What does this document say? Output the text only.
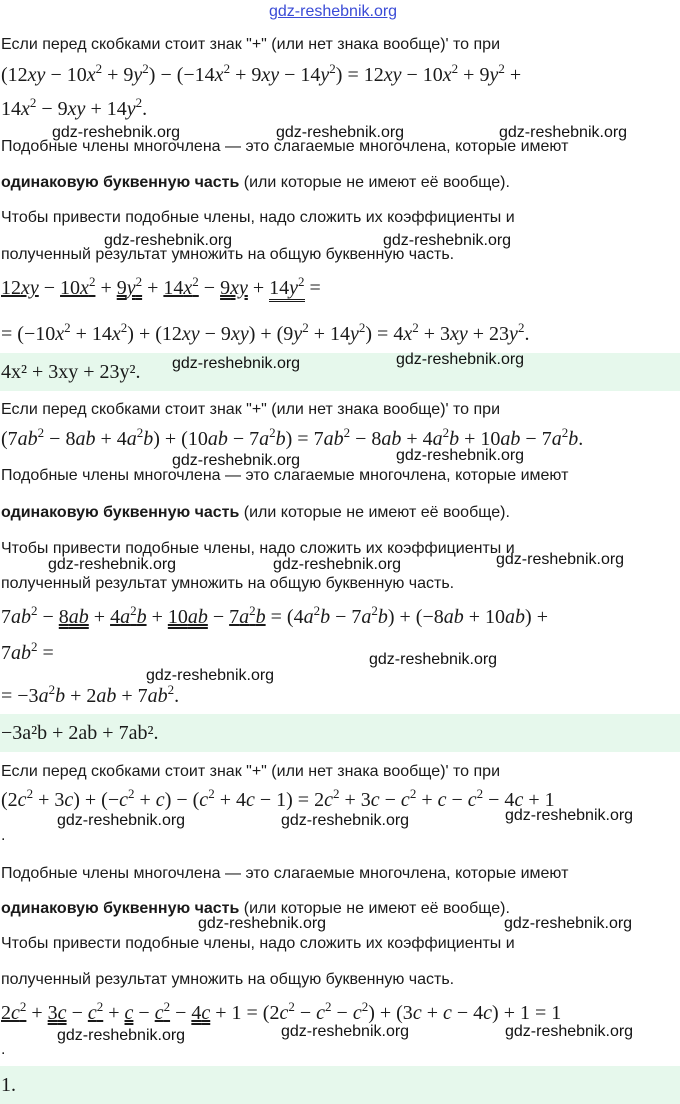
gdz-reshebnik.org
Если перед скобками стоит знак "+" (или нет знака вообще)' то при
$(12xy - 10x^2 + 9y^2) - (-14x^2 + 9xy - 14y^2) = 12xy - 10x^2 + 9y^2$ +
$14x^2 - 9xy + 14y^2$.
gdz-reshebnik.org	gdz-reshebnik.org	gdz-reshebnik.org
Подобные члены многочлена — это слагаемые многочлена, которые имеют
одинаковую буквенную часть (или которые не имеют её вообще).
Чтобы привести подобные члены, надо сложить их коэффициенты и
gdz-reshebnik.org	gdz-reshebnik.org
полученный результат умножить на общую буквенную часть.
$12xy - 10x^2 + 9y^2 + 14x^2 - 9xy + 14y^2$ =
= $(-10x^2 + 14x^2) + (12xy - 9xy) + (9y^2 + 14y^2) = 4x^2 + 3xy + 23y^2$.
4x² + 3xy + 23y². gdz-reshebnik.org	gdz-reshebnik.org
Если перед скобками стоит знак "+" (или нет знака вообще)' то при
$(7ab^2 - 8ab + 4a^2b) + (10ab - 7a^2b) = 7ab^2 - 8ab + 4a^2b + 10ab - 7a^2b$.
gdz-reshebnik.org	gdz-reshebnik.org
Подобные члены многочлена — это слагаемые многочлена, которые имеют
одинаковую буквенную часть (или которые не имеют её вообще).
Чтобы привести подобные члены, надо сложить их коэффициенты и
gdz-reshebnik.org	gdz-reshebnik.org	gdz-reshebnik.org
полученный результат умножить на общую буквенную часть.
$7ab^2 - 8ab + 4a^2b + 10ab - 7a^2b = (4a^2b - 7a^2b) + (-8ab + 10ab)$ +
$7ab^2$ =	gdz-reshebnik.org
gdz-reshebnik.org
= $-3a^2b + 2ab + 7ab^2$.
−3a²b + 2ab + 7ab².
Если перед скобками стоит знак "+" (или нет знака вообще)' то при
$(2c^2 + 3c) + (-c^2 + c) - (c^2 + 4c - 1) = 2c^2 + 3c - c^2 + c - c^2 - 4c + 1$
gdz-reshebnik.org	gdz-reshebnik.org	gdz-reshebnik.org
.
Подобные члены многочлена — это слагаемые многочлена, которые имеют
одинаковую буквенную часть (или которые не имеют её вообще).
gdz-reshebnik.org	gdz-reshebnik.org
Чтобы привести подобные члены, надо сложить их коэффициенты и
полученный результат умножить на общую буквенную часть.
$2c^2 + 3c - c^2 + c - c^2 - 4c + 1 = (2c^2 - c^2 - c^2) + (3c + c - 4c) + 1 = 1$
gdz-reshebnik.org	gdz-reshebnik.org	gdz-reshebnik.org
.
1.
